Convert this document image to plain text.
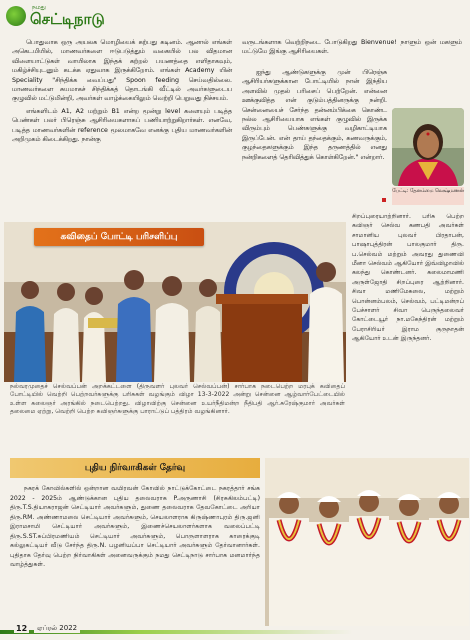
நமது
செட்டிநாடு

பொதுவாக ஒரு அயலக மொழியைக் கற்பது கடினம். ஆனால் எங்கள் அகெடமியில், மாணவர்களை ஈடுபடுத்தும் வகையில் பல விதமான விளையாட்டுகள் வாயிலாக இந்தக் கற்றல் பயணத்தை எளிதாகவும், மகிழ்ச்சியுடனும் கடக்க ஏதுவாக இருக்கிறோம். எங்கள் Academy யின் Speciality "சிந்திக்க வைப்பது" Spoon feeding செய்வதில்லை. மாணவர்களை சுயமாகச் சிந்திக்கத் தொடங்கி வீட்டில் அவர்களுடைய குழுவில் மட்டுமின்றி, அவர்கள் வாழ்க்கையிலும் வெற்றி பெறுவது நிச்சயம்.

எங்களிடம் A1, A2 மற்றும் B1 என்ற மூன்று level களையும் படித்த பெண்கள் பலர் பிரெஞ்சு ஆசிரியைகளாகப் பணியாற்றுகிறார்கள். எனவே, படித்த மாணவர்களின் reference மூலமாகவே எனக்கு புதிய மாணவர்களின் அறிமுகம் கிடைக்கிறது. நான்கு

வருடங்களாக வெற்றிநடை போடுகிறது Bienvenue! நாளும் ஒன் மகளும் மட்டுமே இங்கு ஆசிரியைகள்.

ஐந்து ஆண்டுகளுக்கு முன் பிரெஞ்சு ஆசிரியர்களுக்கான போட்டியில் நான் இந்திய அளவில் முதல் பரிசைப் பெற்றேன். என்னை ஊக்குவித்த என் குடும்பத்தினருக்கு நன்றி. சென்னையைச் சேர்ந்த தன்னம்பிக்கை கொண்ட நல்ல ஆசிரியையாக எங்கள் குழுவில் இருக்க விரும்பும் பெண்களுக்கு வழிகாட்டியாக இருப்பேன். என் தாய் தந்தைக்கும், கணவருக்கும், குழந்தைகளுக்கும் இந்த தருணத்தில் எனது நன்றிகளைத் தெரிவித்துக் கொள்கிறேன்." என்றார்.

பேட்டி: தேனம்மை லெக்ஷ்மணன்
கவிதைப் போட்டி பரிசளிப்பு
சிறப்புரையாற்றினார். பரிசு பெற்ற கவிஞர் செல்வ கணபதி அவர்கள் சாமானிய புலவர் பிரதாபன், பாஷாபுத்திரன் பாலகுமார் திரு. ப.செல்வம் மற்றும் அவரது துணைவி மீனா செல்வம் ஆகியோர் இவ்விழாவில் கலந்து கொண்டனர். கலைமாமணி அருள்ஜோதி சிறப்புரை ஆற்றினார். சிவா மணிமேகலை, மற்றும் பொன்னம்பலம், செல்வம், பட்டிமன்றப் பேச்சாளர் சிவா பெருந்தலைவர் கோட்டையூர் நா.மகேந்திரன் மற்றும் பேராசிரியர் இராம குருநாதன் ஆகியோர் உடன் இருந்தனர்.
நல்வரமுதைச் செல்வப்பன் அறக்கட்டளை (திருவளர் புலவர் செல்வப்பன்) சார்பாக நடைபெற்ற மரபுக் கவிதைப் போட்டியில் வெற்றி பெற்றவர்களுக்கு பரிசுகள் வழங்கும் விழா 13-3-2022 அன்று சென்னை ஆழ்வார்பேட்டையில் உள்ள கலைஞர் அரங்கில் நடைபெற்றது. விழாவிற்கு சென்னை உயர்நீதிமன்ற நீதிபதி ஆர்.சுரேஷ்குமார் அவர்கள் தலைமை ஏற்று, வெற்றி பெற்ற கவிஞர்களுக்கு பாராட்டுப் பத்திரம் வழங்கினார்.
புதிய நிர்வாகிகள் தேர்வு

நகரக் கோவில்களில் ஒன்றான வயிரவன் கோவில் நாட்டுக்கோட்டை நகரத்தார் சங்க 2022 - 2025ம் ஆண்டுக்கான புதிய தலைவராக P.அருணாசி (சிரசுகிலம்பட்டி) திரு.T.S.தியாகராஜன் செட்டியார் அவர்களும், துணை தலைவராக தேவகோட்டை அரியா திரு.RM. அண்ணாமலை செட்டியார் அவர்களும், செயலாளராக கிருஷ்ணாபுரம் திரு.ஜனி இராமசாமி செட்டியார் அவர்களும், இணைச்செயலாளர்களாக வலைப்பட்டி திரு.S.ST.சுப்பிரமணியம் செட்டியார் அவர்களும், பொருளாளராக காரைக்குடி கல்லுகட்டியர் வீடு சேர்ந்த திரு.N. பழனியப்பா செட்டியார் அவர்களும் தேர்வானார்கள். புதிதாக தேர்வு பெற்ற நிர்வாகிகள் அனைவருக்கும் நமது செட்டிநாடு சார்பாக மனமார்ந்த வாழ்த்துகள்.

12	ஏப்ரல் 2022
